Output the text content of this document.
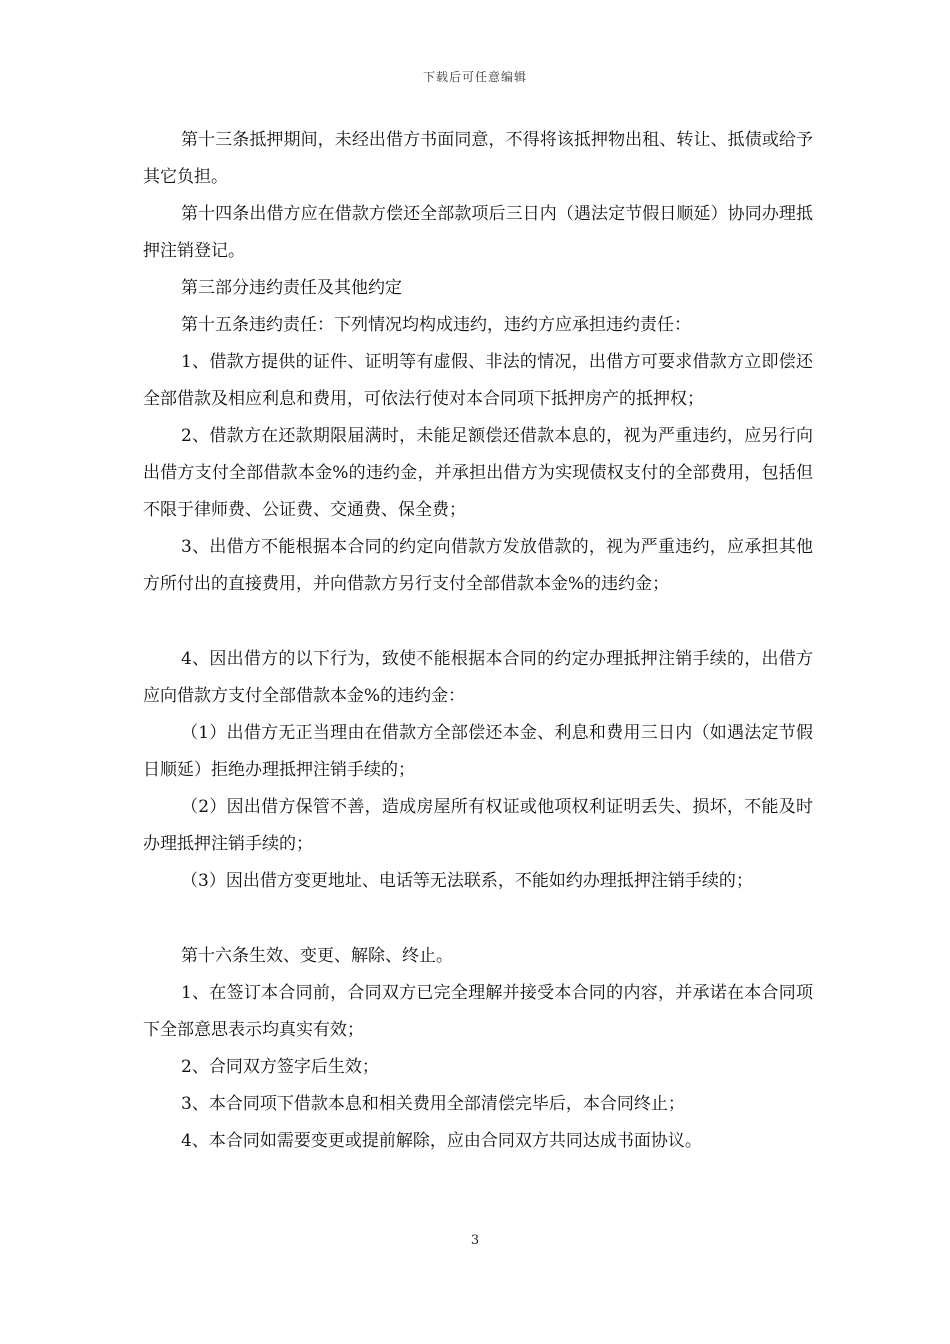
下载后可任意编辑

第十三条抵押期间，未经出借方书面同意，不得将该抵押物出租、转让、抵债或给予其它负担。

第十四条出借方应在借款方偿还全部款项后三日内（遇法定节假日顺延）协同办理抵押注销登记。

第三部分违约责任及其他约定

第十五条违约责任：下列情况均构成违约，违约方应承担违约责任：

1、借款方提供的证件、证明等有虚假、非法的情况，出借方可要求借款方立即偿还全部借款及相应利息和费用，可依法行使对本合同项下抵押房产的抵押权；

2、借款方在还款期限届满时，未能足额偿还借款本息的，视为严重违约，应另行向出借方支付全部借款本金%的违约金，并承担出借方为实现债权支付的全部费用，包括但不限于律师费、公证费、交通费、保全费；

3、出借方不能根据本合同的约定向借款方发放借款的，视为严重违约，应承担其他方所付出的直接费用，并向借款方另行支付全部借款本金%的违约金；

4、因出借方的以下行为，致使不能根据本合同的约定办理抵押注销手续的，出借方应向借款方支付全部借款本金%的违约金：

（1）出借方无正当理由在借款方全部偿还本金、利息和费用三日内（如遇法定节假日顺延）拒绝办理抵押注销手续的；

（2）因出借方保管不善，造成房屋所有权证或他项权利证明丢失、损坏，不能及时办理抵押注销手续的；

（3）因出借方变更地址、电话等无法联系，不能如约办理抵押注销手续的；

第十六条生效、变更、解除、终止。

1、在签订本合同前，合同双方已完全理解并接受本合同的内容，并承诺在本合同项下全部意思表示均真实有效；

2、合同双方签字后生效；

3、本合同项下借款本息和相关费用全部清偿完毕后，本合同终止；

4、本合同如需要变更或提前解除，应由合同双方共同达成书面协议。

3
